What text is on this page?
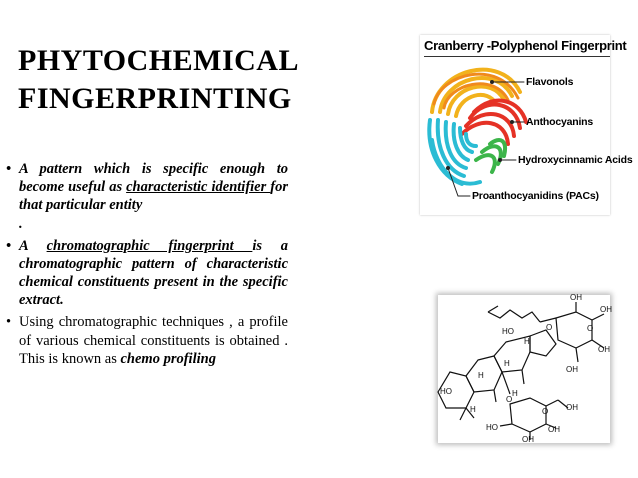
PHYTOCHEMICAL
FINGERPRINTING
• A pattern which is specific enough to become useful as characteristic identifier for that particular entity
.
• A chromatographic fingerprint is a chromatographic pattern of characteristic chemical constituents present in the specific extract.
• Using chromatographic techniques , a profile of various chemical constituents is obtained . This is known as chemo profiling
Cranberry -Polyphenol Fingerprint
Flavonols
Anthocyanins
Hydroxycinnamic Acids
Proanthocyanidins (PACs)
OH
O
OH
HO
H
O
OH
H
H
OH
HO
H
O
H
O OH
HO	OH
OH
